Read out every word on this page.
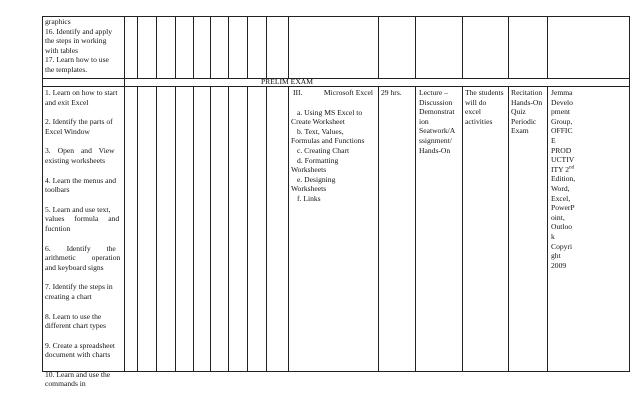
graphics

16. Identify and apply

the steps in working

with tables

17. Learn how to use

the templates.

PRELIM EXAM

1. Learn on how to start

and exit Excel

2. Identify the parts of

Excel Window

3. Open and View

existing worksheets

4. Learn the menus and

toolbars

5. Learn and use text,

values formula and

fucntion

6. Identify the

arithmetic operation

and keyboard signs

7. Identify the steps in

creating a chart

8. Learn to use the

different chart types

9. Create a spreadsheet

document with charts

10. Learn and use the

commands in

III.	Microsoft Excel

a. Using MS Excel to

Create Worksheet

b. Text, Values,

Formulas and Functions

c. Creating Chart

d. Formatting

Worksheets

e. Designing

Worksheets

f. Links

29 hrs.	Lecture –

Discussion

Demonstrat

ion

Seatwork/A

ssignment/

Hands-On

The students

will do

excel

activities

Recitation

Hands-On

Quiz

Periodic

Exam

Jemma

Develo

pment

Group,

OFFIC

E

PROD

UCTIV

ITY 2nd

Edition,

Word,

Excel,

PowerP

oint,

Outloo

k

Copyri

ght

2009
